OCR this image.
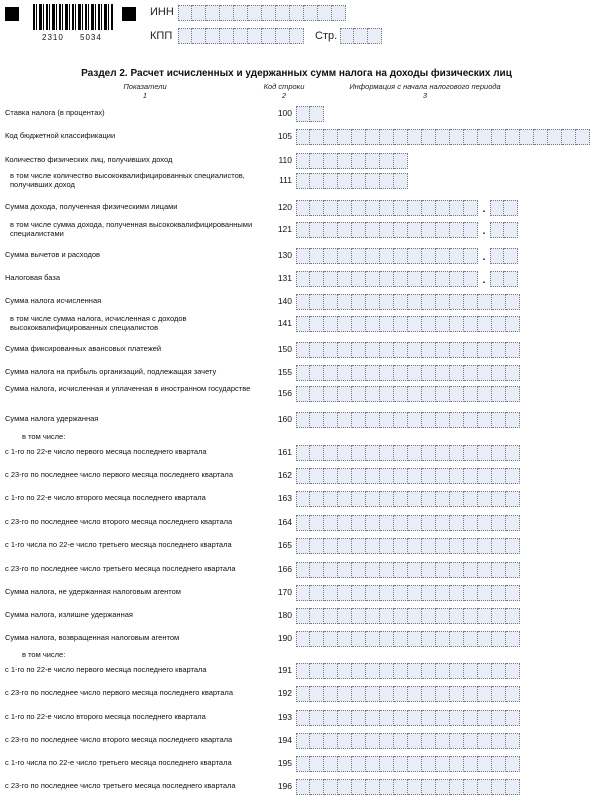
2310 5034
ИНН
КПП	Стр.
Раздел 2. Расчет исчисленных и удержанных сумм налога на доходы физических лиц
Показатели
1
Код строки
2
Информация с начала налогового периода
3
Ставка налога (в процентах)	100
Код бюджетной классификации	105
Количество физических лиц, получивших доход	110
в том числе количество высококвалифицированных специалистов, получивших доход	111
Сумма дохода, полученная физическими лицами	120	.
в том числе сумма дохода, полученная высококвалифицированными специалистами	121	.
Сумма вычетов и расходов	130	.
Налоговая база	131	.
Сумма налога исчисленная	140
в том числе сумма налога, исчисленная с доходов высококвалифицированных специалистов	141
Сумма фиксированных авансовых платежей	150
Сумма налога на прибыль организаций, подлежащая зачету	155
Сумма налога, исчисленная и уплаченная в иностранном государстве	156
Сумма налога удержанная	160
в том числе:
с 1-го по 22-е число первого месяца последнего квартала	161
с 23-го по последнее число первого месяца последнего квартала	162
с 1-го по 22-е число второго месяца последнего квартала	163
с 23-го по последнее число второго месяца последнего квартала	164
с 1-го числа по 22-е число третьего месяца последнего квартала	165
с 23-го по последнее число третьего месяца последнего квартала	166
Сумма налога, не удержанная налоговым агентом	170
Сумма налога, излишне удержанная	180
Сумма налога, возвращенная налоговым агентом	190
в том числе:
с 1-го по 22-е число первого месяца последнего квартала	191
с 23-го по последнее число первого месяца последнего квартала	192
с 1-го по 22-е число второго месяца последнего квартала	193
с 23-го по последнее число второго месяца последнего квартала	194
с 1-го числа по 22-е число третьего месяца последнего квартала	195
с 23-го по последнее число третьего месяца последнего квартала	196
